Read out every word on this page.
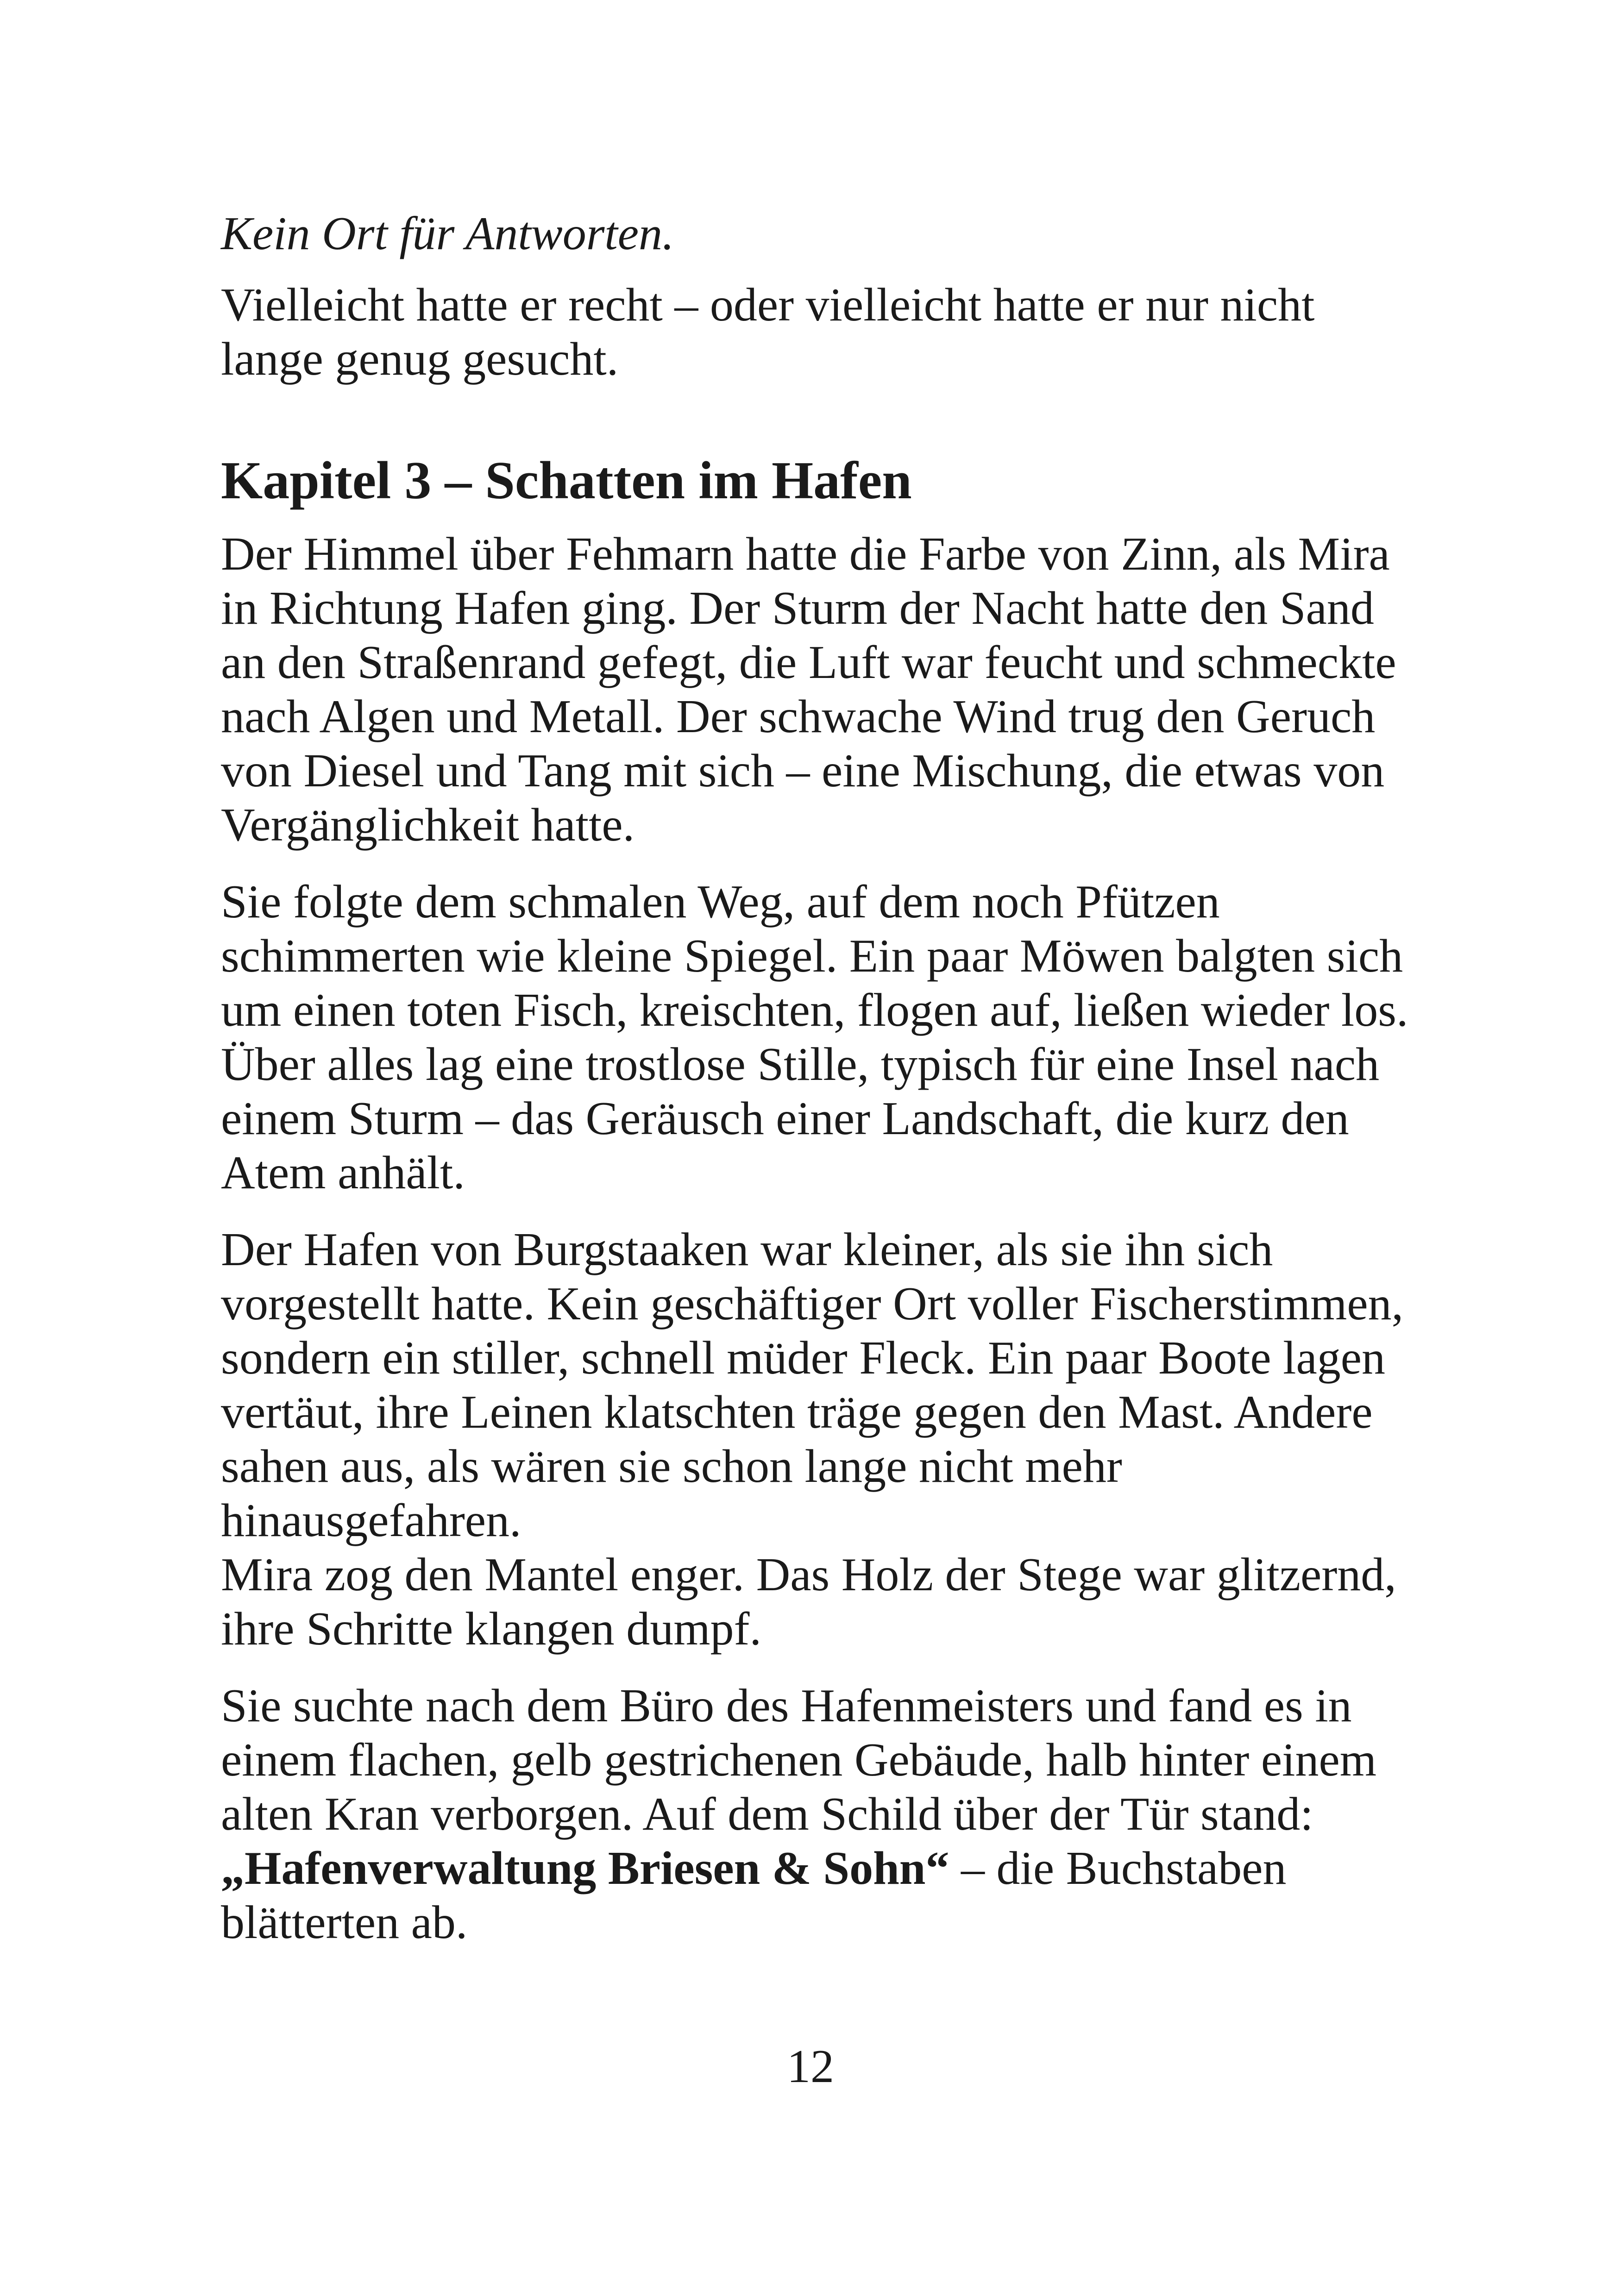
Kein Ort für Antworten.

Vielleicht hatte er recht – oder vielleicht hatte er nur nicht
lange genug gesucht.

Kapitel 3 – Schatten im Hafen

Der Himmel über Fehmarn hatte die Farbe von Zinn, als Mira
in Richtung Hafen ging. Der Sturm der Nacht hatte den Sand
an den Straßenrand gefegt, die Luft war feucht und schmeckte
nach Algen und Metall. Der schwache Wind trug den Geruch
von Diesel und Tang mit sich – eine Mischung, die etwas von
Vergänglichkeit hatte.

Sie folgte dem schmalen Weg, auf dem noch Pfützen
schimmerten wie kleine Spiegel. Ein paar Möwen balgten sich
um einen toten Fisch, kreischten, flogen auf, ließen wieder los.
Über alles lag eine trostlose Stille, typisch für eine Insel nach
einem Sturm – das Geräusch einer Landschaft, die kurz den
Atem anhält.

Der Hafen von Burgstaaken war kleiner, als sie ihn sich
vorgestellt hatte. Kein geschäftiger Ort voller Fischerstimmen,
sondern ein stiller, schnell müder Fleck. Ein paar Boote lagen
vertäut, ihre Leinen klatschten träge gegen den Mast. Andere
sahen aus, als wären sie schon lange nicht mehr
hinausgefahren.
Mira zog den Mantel enger. Das Holz der Stege war glitzernd,
ihre Schritte klangen dumpf.

Sie suchte nach dem Büro des Hafenmeisters und fand es in
einem flachen, gelb gestrichenen Gebäude, halb hinter einem
alten Kran verborgen. Auf dem Schild über der Tür stand:
„Hafenverwaltung Briesen & Sohn“ – die Buchstaben
blätterten ab.

12
